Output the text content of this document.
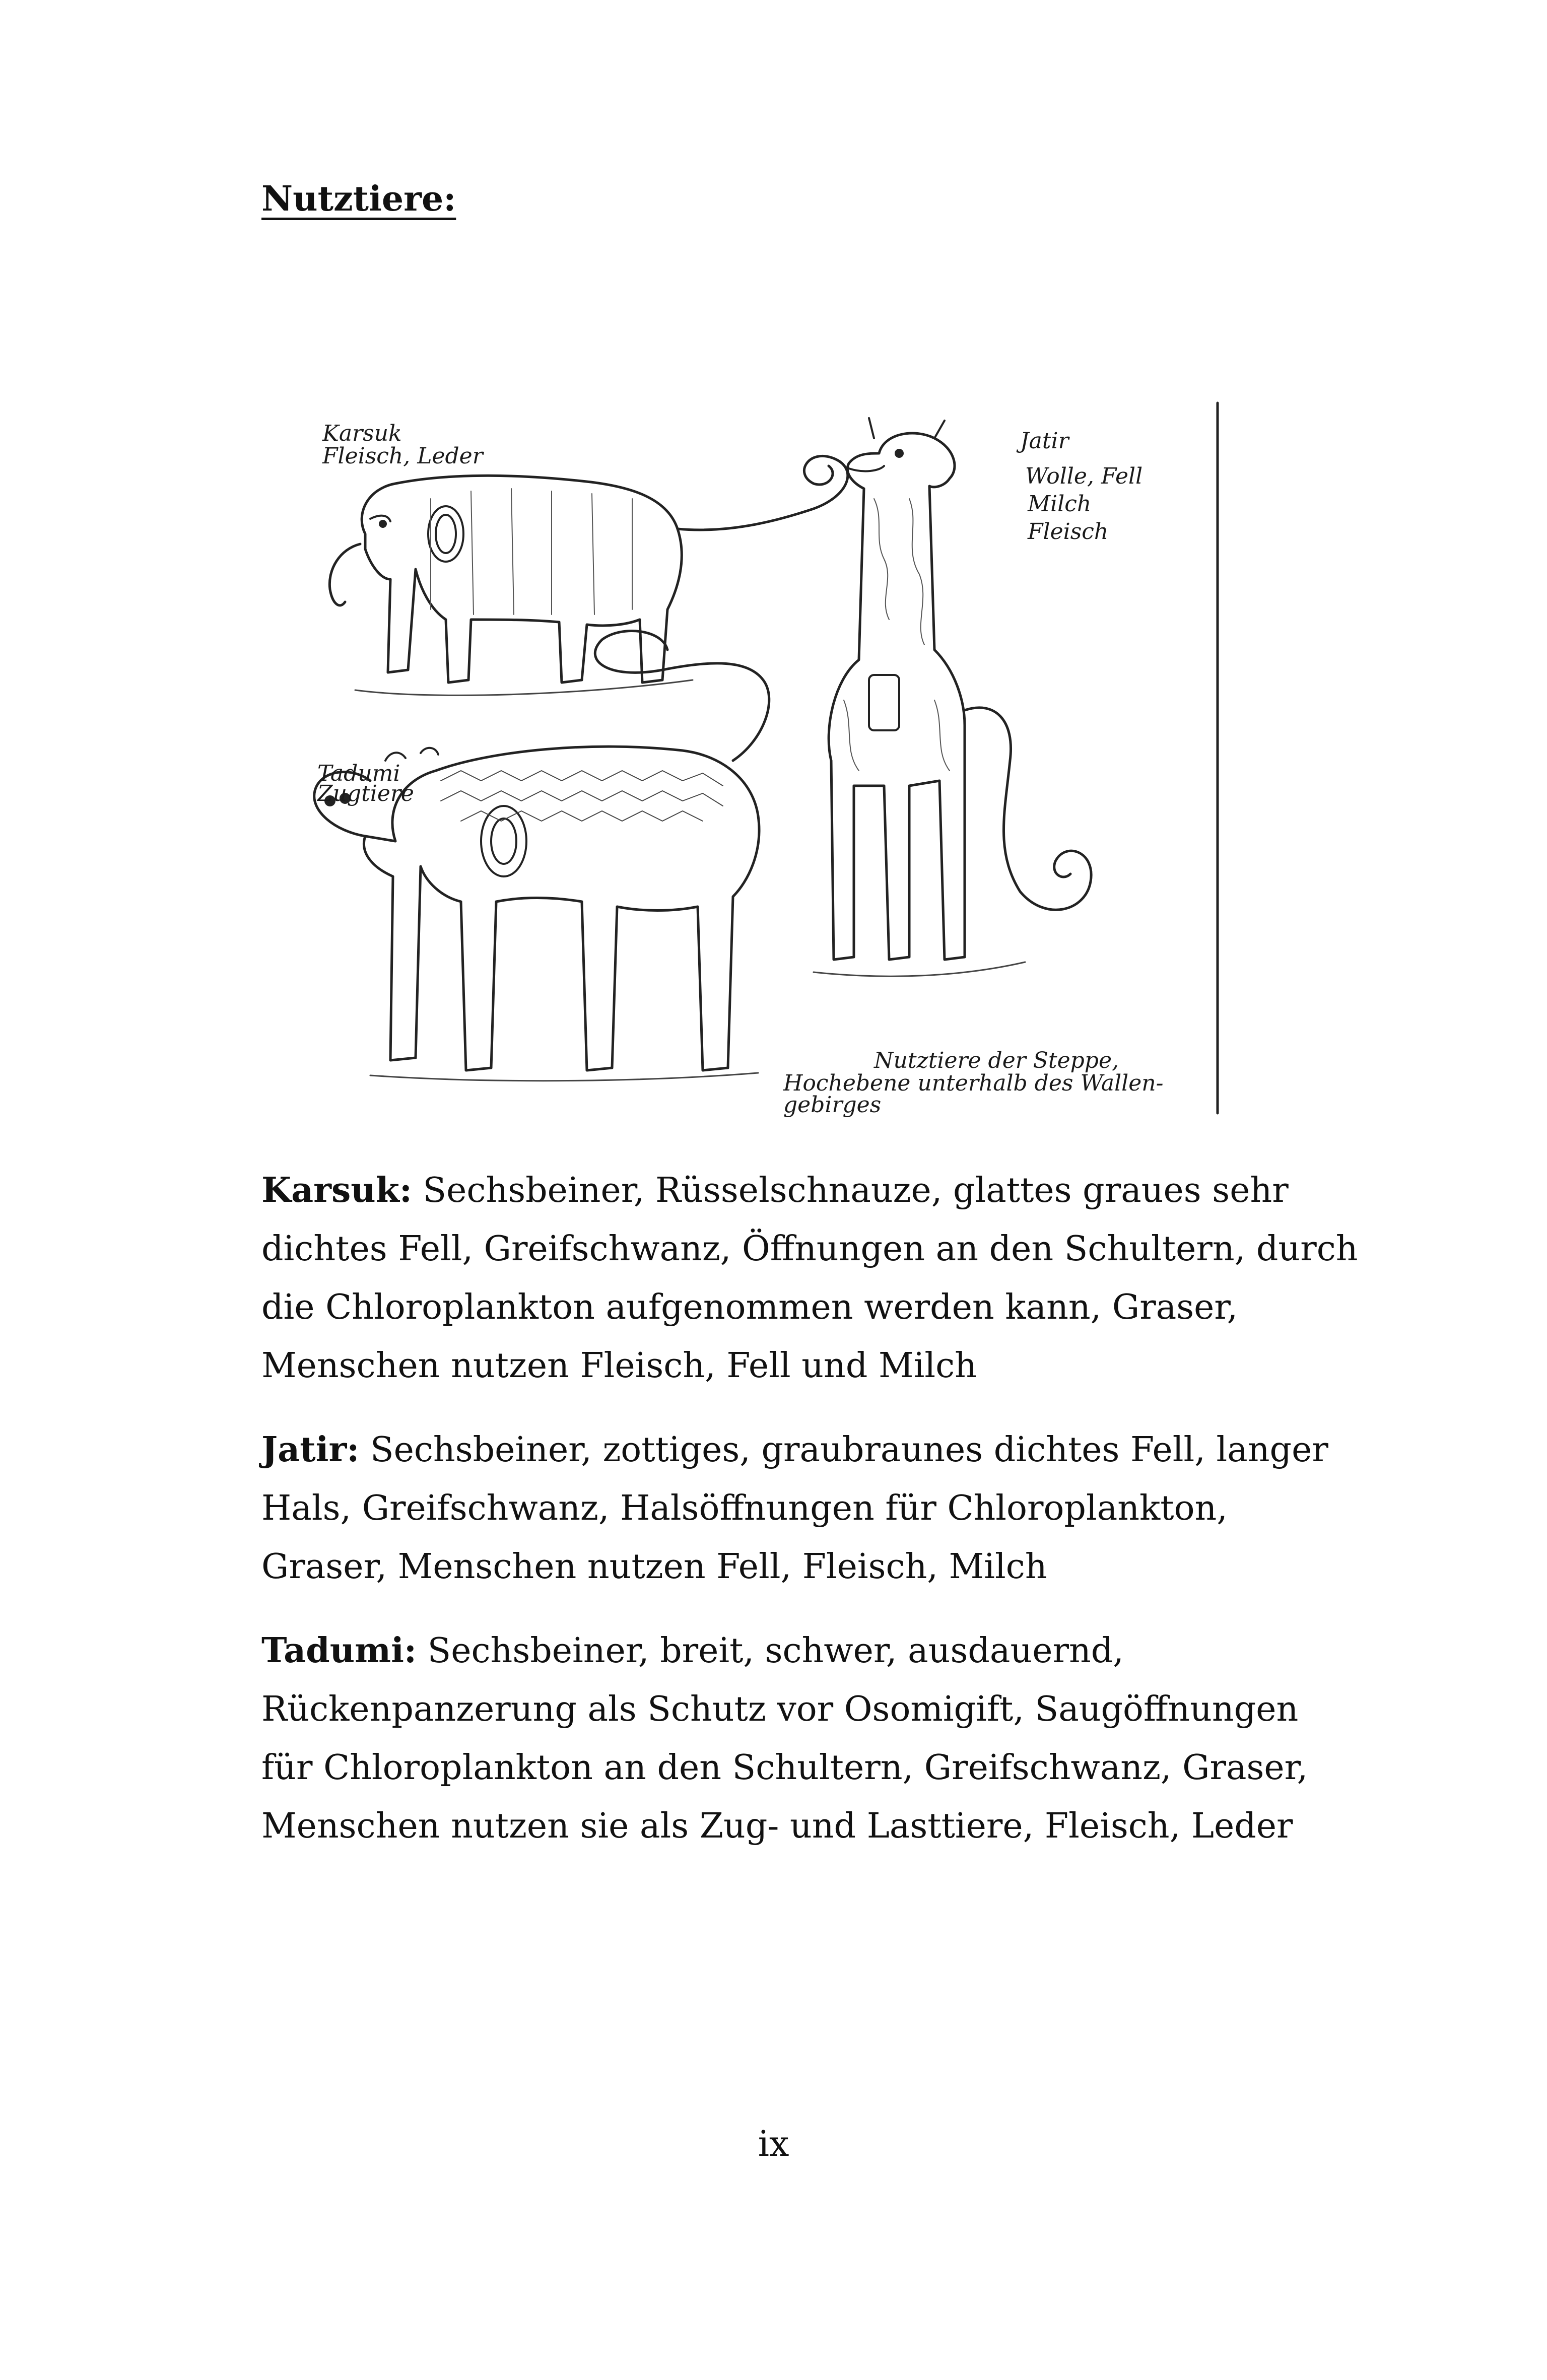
Nutztiere:
Karsuk
Fleisch, Leder
Jatir
Wolle, Fell
Milch
Fleisch
Tadumi
Zugtiere
Nutztiere der Steppe,
Hochebene unterhalb des Wallen-
gebirges

Karsuk: Sechsbeiner, Rüsselschnauze, glattes graues sehr dichtes Fell, Greifschwanz, Öffnungen an den Schultern, durch die Chloroplankton aufgenommen werden kann, Graser, Menschen nutzen Fleisch, Fell und Milch

Jatir: Sechsbeiner, zottiges, graubraunes dichtes Fell, langer Hals, Greifschwanz, Halsöffnungen für Chloroplankton, Graser, Menschen nutzen Fell, Fleisch, Milch

Tadumi: Sechsbeiner, breit, schwer, ausdauernd, Rückenpanzerung als Schutz vor Osomigift, Saugöffnungen für Chloroplankton an den Schultern, Greifschwanz, Graser, Menschen nutzen sie als Zug- und Lasttiere, Fleisch, Leder

ix
